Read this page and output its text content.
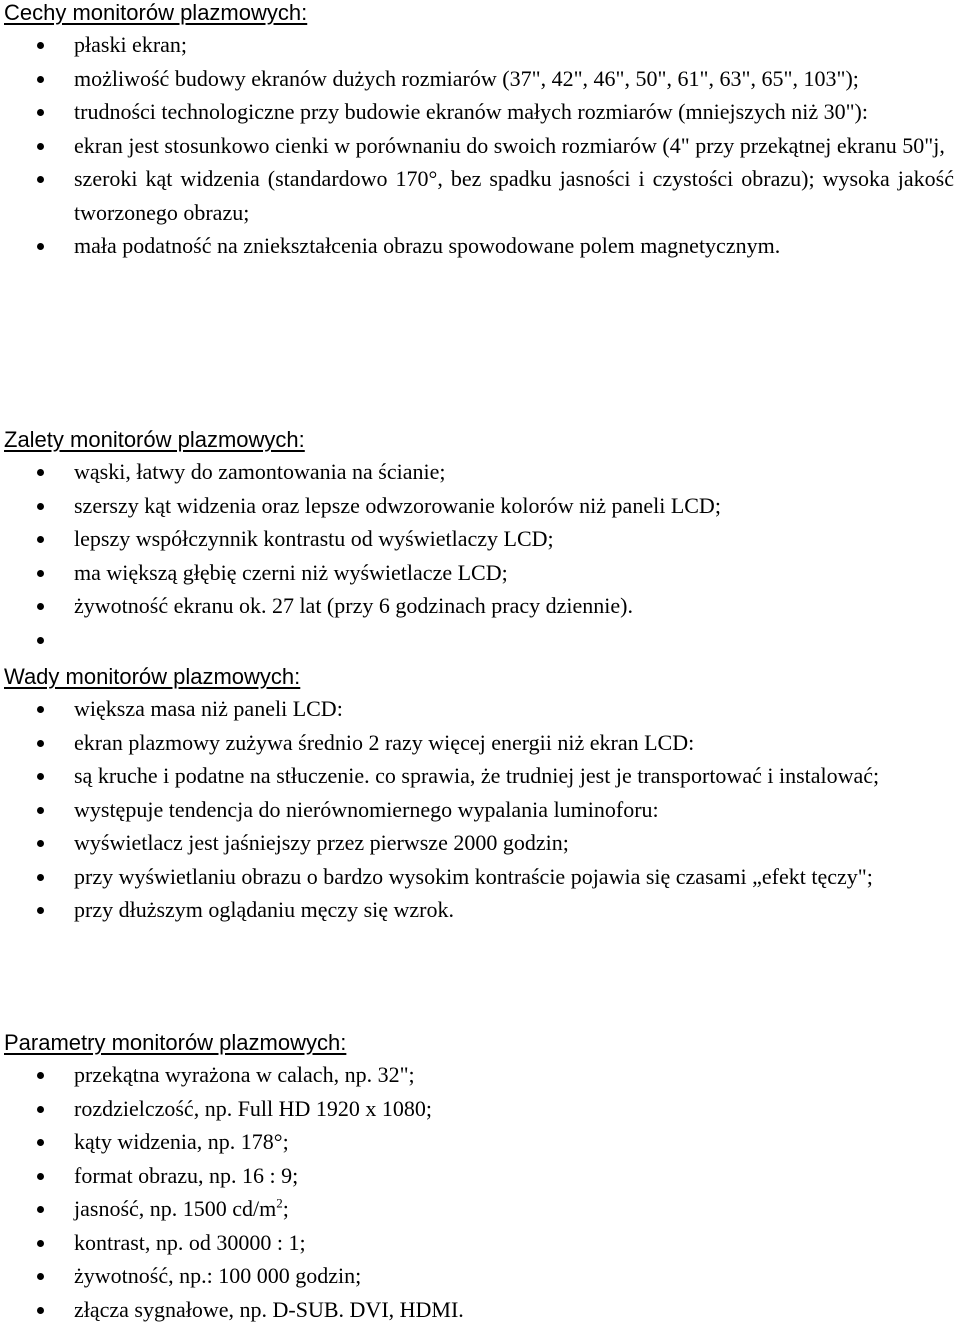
Cechy monitorów plazmowych:
płaski ekran;
możliwość budowy ekranów dużych rozmiarów (37", 42", 46", 50", 61", 63", 65", 103");
trudności technologiczne przy budowie ekranów małych rozmiarów (mniejszych niż 30"):
ekran jest stosunkowo cienki w porównaniu do swoich rozmiarów (4" przy przekątnej ekranu 50"j,
szeroki kąt widzenia (standardowo 170°, bez spadku jasności i czystości obrazu); wysoka jakość tworzonego obrazu;
mała podatność na zniekształcenia obrazu spowodowane polem magnetycznym.
Zalety monitorów plazmowych:
wąski, łatwy do zamontowania na ścianie;
szerszy kąt widzenia oraz lepsze odwzorowanie kolorów niż paneli LCD;
lepszy współczynnik kontrastu od wyświetlaczy LCD;
ma większą głębię czerni niż wyświetlacze LCD;
żywotność ekranu ok. 27 lat (przy 6 godzinach pracy dziennie).
Wady monitorów plazmowych:
większa masa niż paneli LCD:
ekran plazmowy zużywa średnio 2 razy więcej energii niż ekran LCD:
są kruche i podatne na stłuczenie. co sprawia, że trudniej jest je transportować i instalować;
występuje tendencja do nierównomiernego wypalania luminoforu:
wyświetlacz jest jaśniejszy przez pierwsze 2000 godzin;
przy wyświetlaniu obrazu o bardzo wysokim kontraście pojawia się czasami „efekt tęczy";
przy dłuższym oglądaniu męczy się wzrok.
Parametry monitorów plazmowych:
przekątna wyrażona w calach, np. 32";
rozdzielczość, np. Full HD 1920 x 1080;
kąty widzenia, np. 178°;
format obrazu, np. 16 : 9;
jasność, np. 1500 $cd/m^2$;
kontrast, np. od 30000 : 1;
żywotność, np.: 100 000 godzin;
złącza sygnałowe, np. D-SUB. DVI, HDMI.
